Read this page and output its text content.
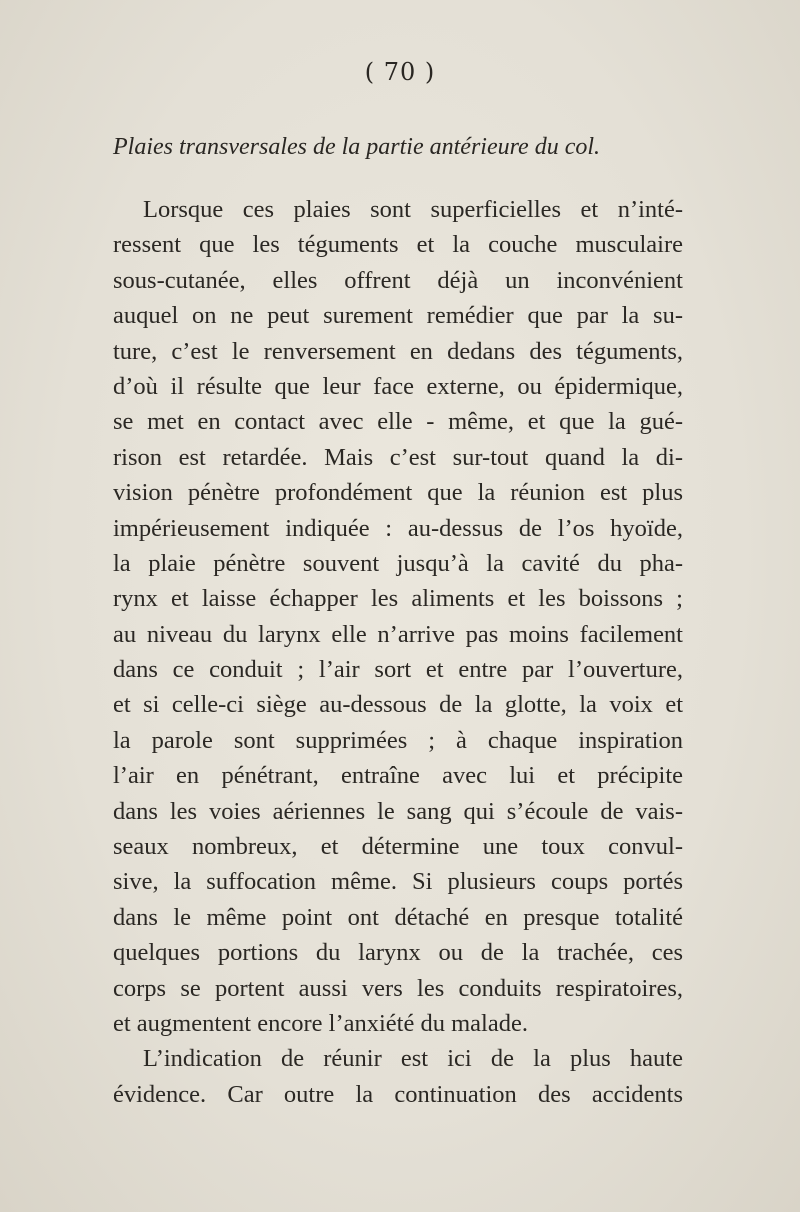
( 70 )
Plaies transversales de la partie antérieure du col.
Lorsque ces plaies sont superficielles et n’inté-
ressent que les téguments et la couche musculaire
sous-cutanée, elles offrent déjà un inconvénient
auquel on ne peut surement remédier que par la su-
ture, c’est le renversement en dedans des téguments,
d’où il résulte que leur face externe, ou épidermique,
se met en contact avec elle - même, et que la gué-
rison est retardée. Mais c’est sur-tout quand la di-
vision pénètre profondément que la réunion est plus
impérieusement indiquée : au-dessus de l’os hyoïde,
la plaie pénètre souvent jusqu’à la cavité du pha-
rynx et laisse échapper les aliments et les boissons ;
au niveau du larynx elle n’arrive pas moins facilement
dans ce conduit ; l’air sort et entre par l’ouverture,
et si celle-ci siège au-dessous de la glotte, la voix et
la parole sont supprimées ; à chaque inspiration
l’air en pénétrant, entraîne avec lui et précipite
dans les voies aériennes le sang qui s’écoule de vais-
seaux nombreux, et détermine une toux convul-
sive, la suffocation même. Si plusieurs coups portés
dans le même point ont détaché en presque totalité
quelques portions du larynx ou de la trachée, ces
corps se portent aussi vers les conduits respiratoires,
et augmentent encore l’anxiété du malade.
L’indication de réunir est ici de la plus haute
évidence. Car outre la continuation des accidents
